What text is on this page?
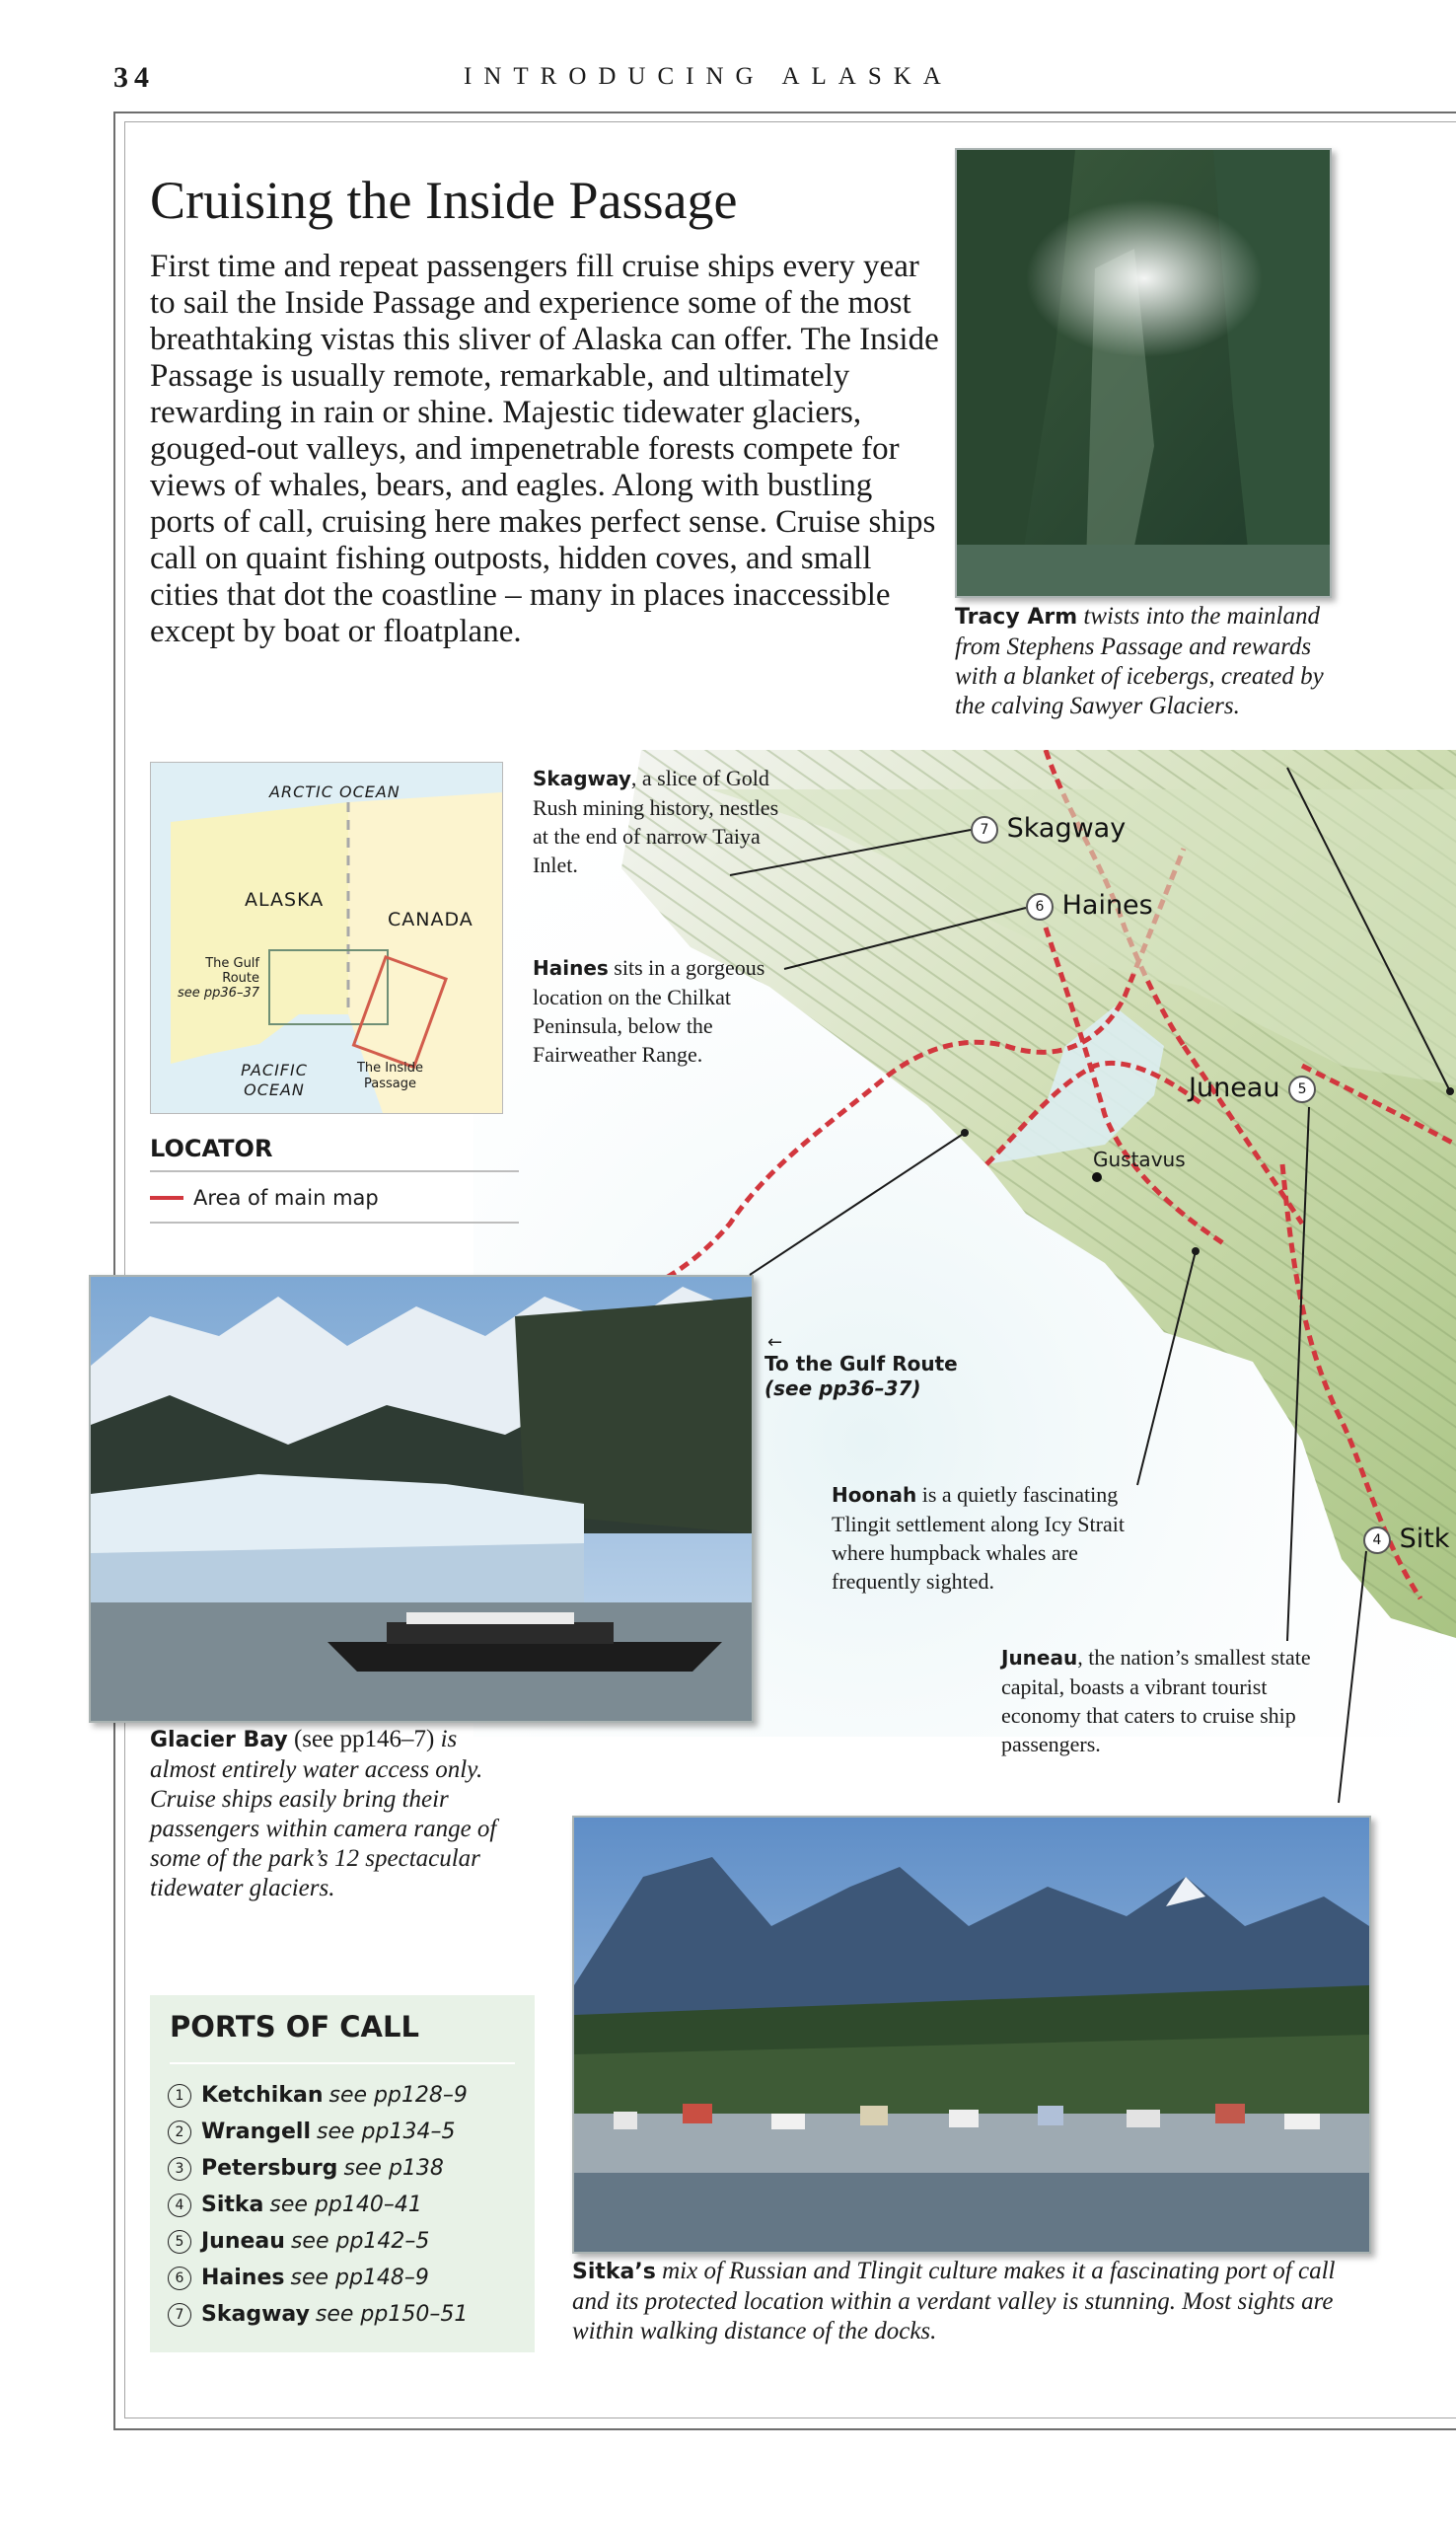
34	INTRODUCING ALASKA
Cruising the Inside Passage
First time and repeat passengers fill cruise ships every year to sail the Inside Passage and experience some of the most breathtaking vistas this sliver of Alaska can offer. The Inside Passage is usually remote, remarkable, and ultimately rewarding in rain or shine. Majestic tidewater glaciers, gouged-out valleys, and impenetrable forests compete for views of whales, bears, and eagles. Along with bustling ports of call, cruising here makes perfect sense. Cruise ships call on quaint fishing outposts, hidden coves, and small cities that dot the coastline – many in places inaccessible except by boat or floatplane.	Tracy Arm twists into the mainland from Stephens Passage and rewards with a blanket of icebergs, created by the calving Sawyer Glaciers.
ARCTIC OCEAN
ALASKA
CANADA
The Gulf Route
see pp36–37
PACIFIC OCEAN
The Inside Passage
LOCATOR
Area of main map
Skagway, a slice of Gold Rush mining history, nestles at the end of narrow Taiya Inlet.
Haines sits in a gorgeous location on the Chilkat Peninsula, below the Fairweather Range.
7 Skagway
6 Haines
Juneau 5
Gustavus
4 Sitk
←
To the Gulf Route
(see pp36–37)
Glacier Bay (see pp146–7) is almost entirely water access only. Cruise ships easily bring their passengers within camera range of some of the park’s 12 spectacular tidewater glaciers.
Hoonah is a quietly fascinating Tlingit settlement along Icy Strait where humpback whales are frequently sighted.
Juneau, the nation’s smallest state capital, boasts a vibrant tourist economy that caters to cruise ship passengers.
PORTS OF CALL
1 Ketchikan see pp128–9
2 Wrangell see pp134–5
3 Petersburg see p138
4 Sitka see pp140–41
5 Juneau see pp142–5
6 Haines see pp148–9
7 Skagway see pp150–51
Sitka’s mix of Russian and Tlingit culture makes it a fascinating port of call and its protected location within a verdant valley is stunning. Most sights are within walking distance of the docks.
